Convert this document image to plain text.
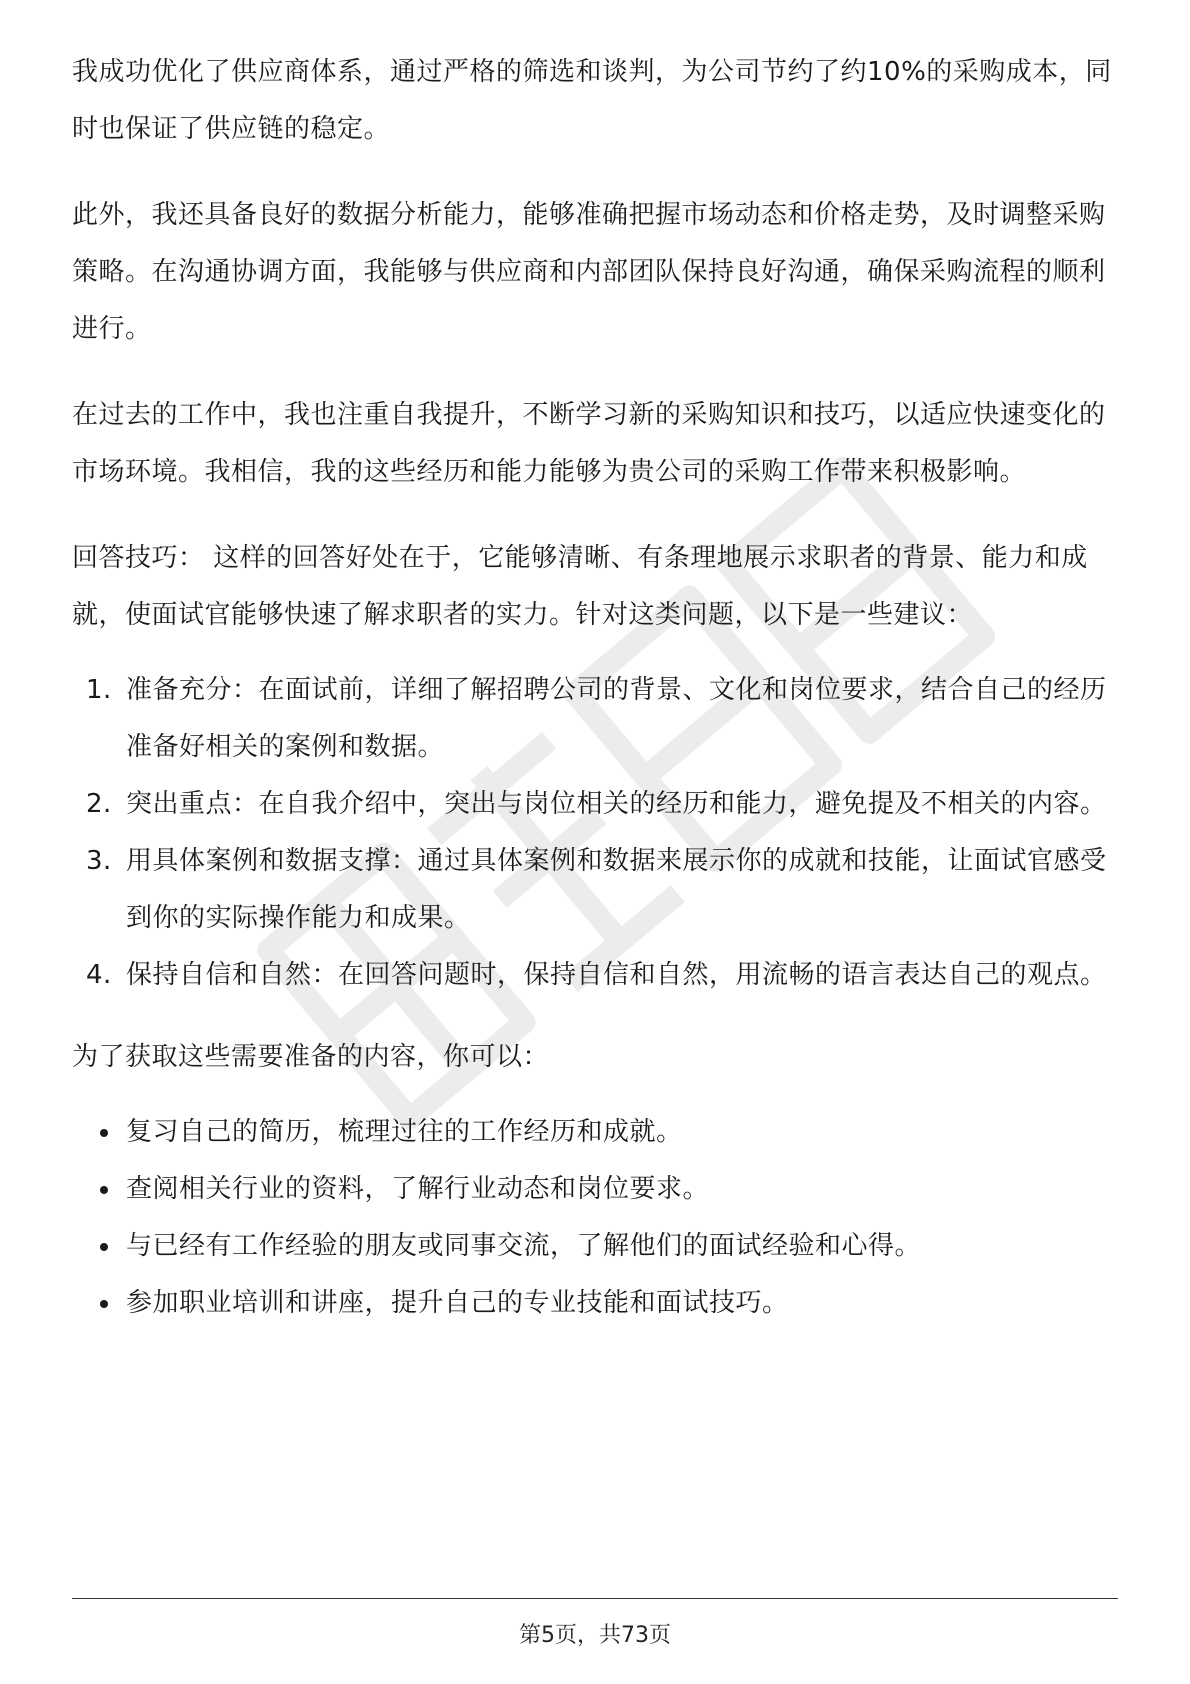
我成功优化了供应商体系，通过严格的筛选和谈判，为公司节约了约10%的采购成本，同时也保证了供应链的稳定。

此外，我还具备良好的数据分析能力，能够准确把握市场动态和价格走势，及时调整采购策略。在沟通协调方面，我能够与供应商和内部团队保持良好沟通，确保采购流程的顺利进行。

在过去的工作中，我也注重自我提升，不断学习新的采购知识和技巧，以适应快速变化的市场环境。我相信，我的这些经历和能力能够为贵公司的采购工作带来积极影响。

回答技巧： 这样的回答好处在于，它能够清晰、有条理地展示求职者的背景、能力和成就，使面试官能够快速了解求职者的实力。针对这类问题，以下是一些建议：

1. 准备充分：在面试前，详细了解招聘公司的背景、文化和岗位要求，结合自己的经历准备好相关的案例和数据。
2. 突出重点：在自我介绍中，突出与岗位相关的经历和能力，避免提及不相关的内容。
3. 用具体案例和数据支撑：通过具体案例和数据来展示你的成就和技能，让面试官感受到你的实际操作能力和成果。
4. 保持自信和自然：在回答问题时，保持自信和自然，用流畅的语言表达自己的观点。

为了获取这些需要准备的内容，你可以：

复习自己的简历，梳理过往的工作经历和成就。
查阅相关行业的资料，了解行业动态和岗位要求。
与已经有工作经验的朋友或同事交流，了解他们的面试经验和心得。
参加职业培训和讲座，提升自己的专业技能和面试技巧。
第5页，共73页
